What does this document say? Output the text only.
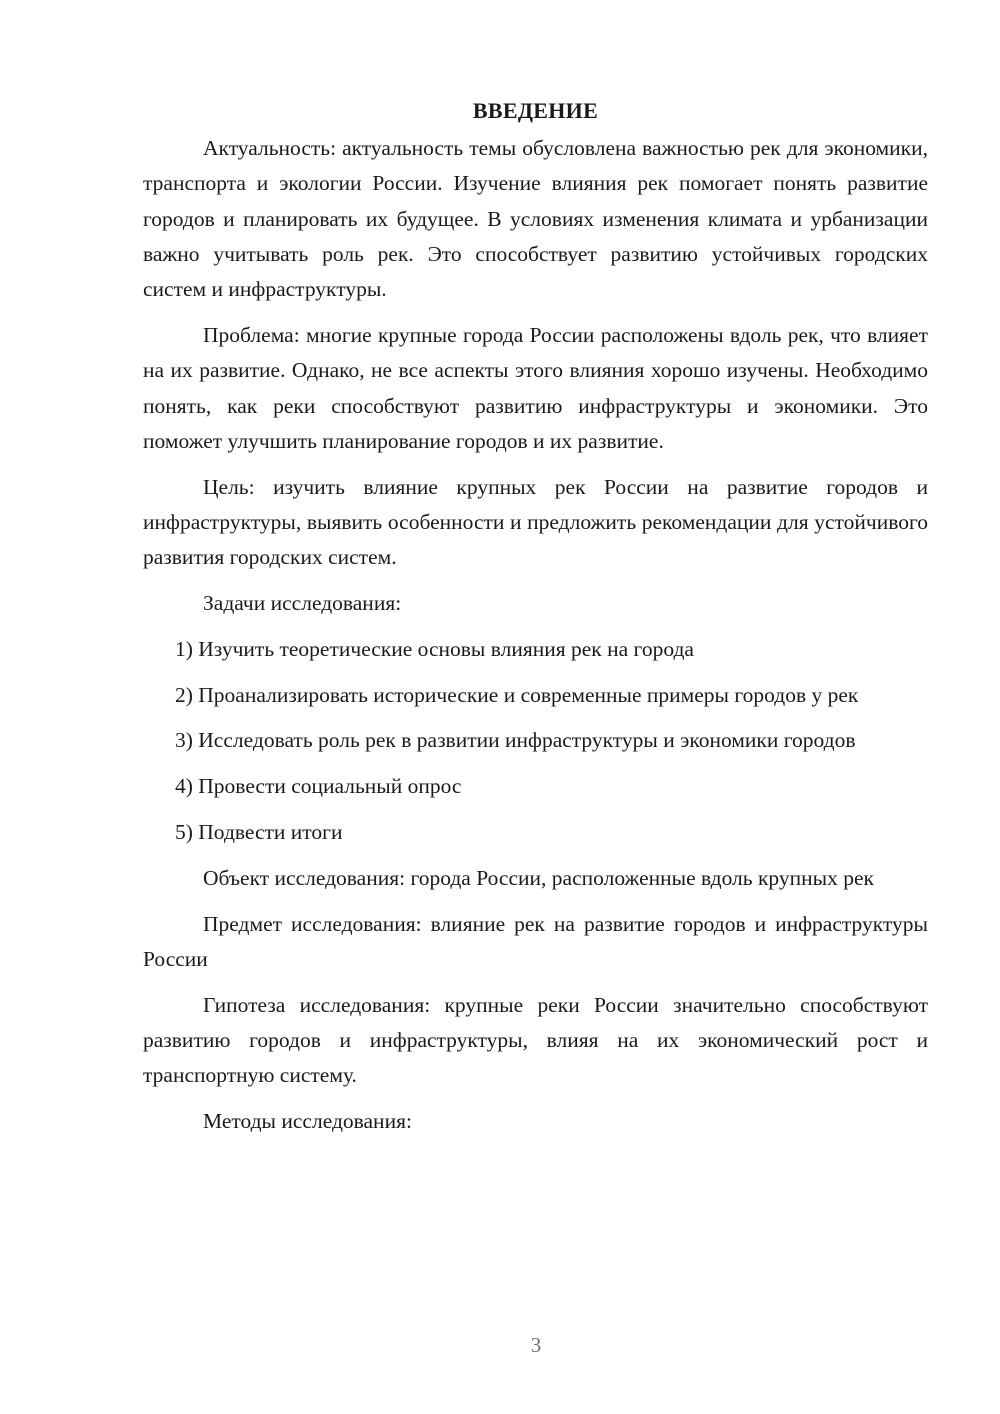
ВВЕДЕНИЕ

Актуальность: актуальность темы обусловлена важностью рек для экономики, транспорта и экологии России. Изучение влияния рек помогает понять развитие городов и планировать их будущее. В условиях изменения климата и урбанизации важно учитывать роль рек. Это способствует развитию устойчивых городских систем и инфраструктуры.

Проблема: многие крупные города России расположены вдоль рек, что влияет на их развитие. Однако, не все аспекты этого влияния хорошо изучены. Необходимо понять, как реки способствуют развитию инфраструктуры и экономики. Это поможет улучшить планирование городов и их развитие.

Цель: изучить влияние крупных рек России на развитие городов и инфраструктуры, выявить особенности и предложить рекомендации для устойчивого развития городских систем.

Задачи исследования:

1) Изучить теоретические основы влияния рек на города

2) Проанализировать исторические и современные примеры городов у рек

3) Исследовать роль рек в развитии инфраструктуры и экономики городов

4) Провести социальный опрос

5) Подвести итоги

Объект исследования: города России, расположенные вдоль крупных рек

Предмет исследования: влияние рек на развитие городов и инфраструктуры России

Гипотеза исследования: крупные реки России значительно способствуют развитию городов и инфраструктуры, влияя на их экономический рост и транспортную систему.

Методы исследования:

3
